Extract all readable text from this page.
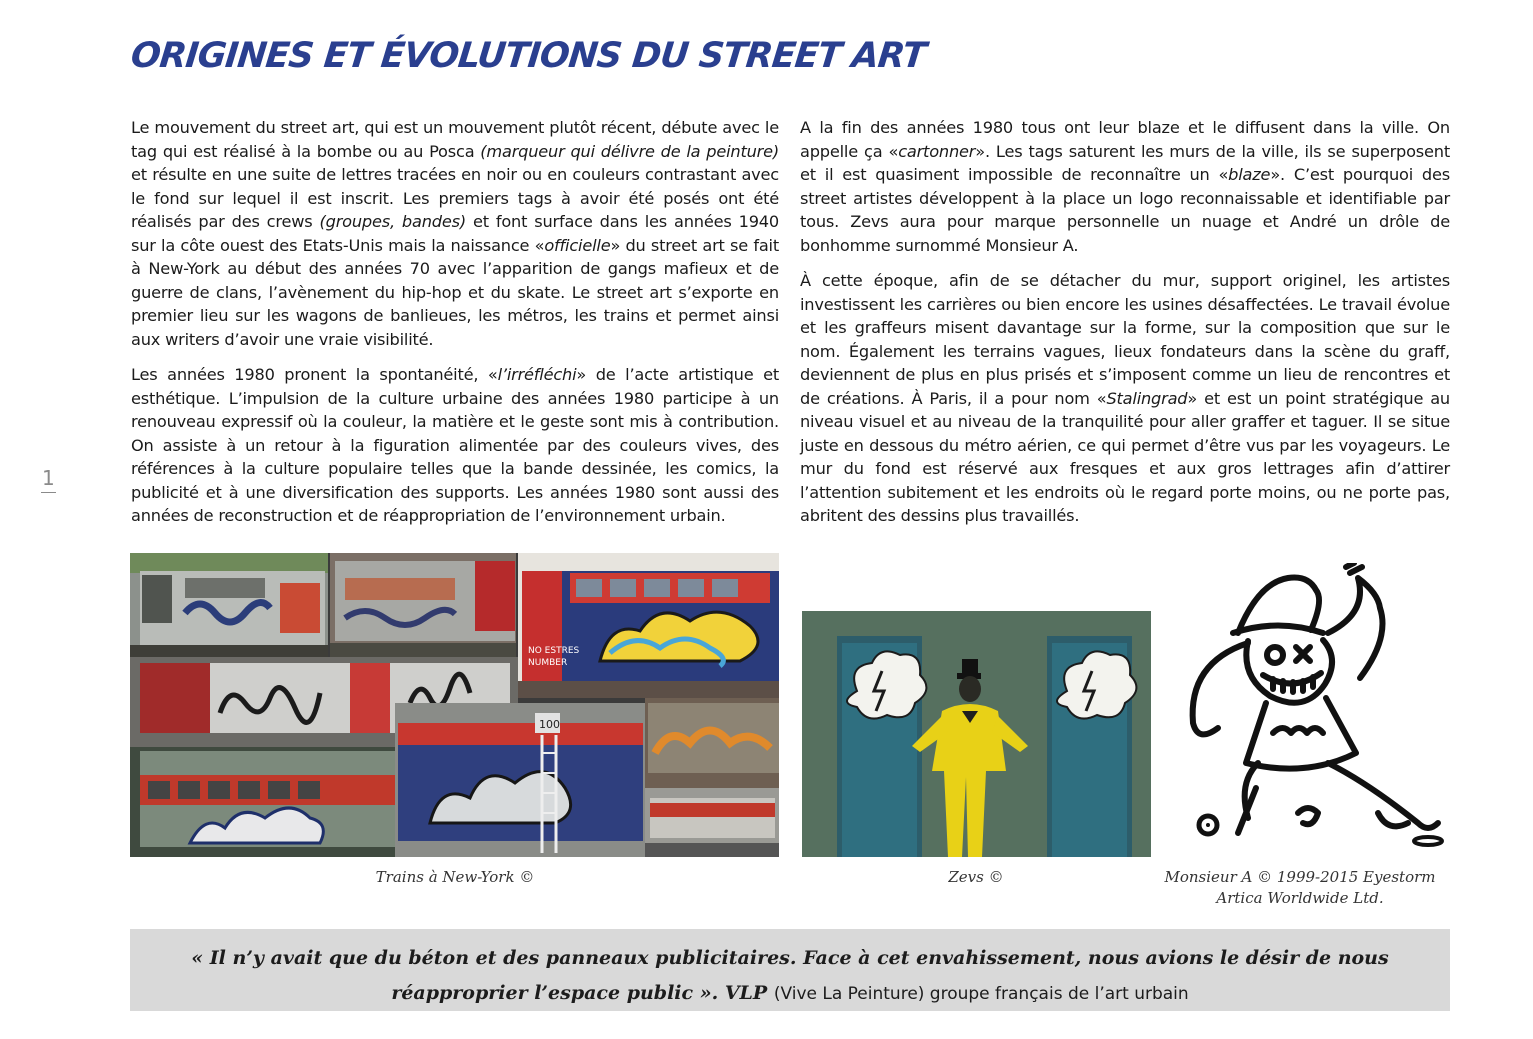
ORIGINES ET ÉVOLUTIONS DU STREET ART

Le mouvement du street art, qui est un mouvement plutôt récent, débute avec le tag qui est réalisé à la bombe ou au Posca (marqueur qui délivre de la peinture) et résulte en une suite de lettres tracées en noir ou en couleurs contrastant avec le fond sur lequel il est inscrit. Les premiers tags à avoir été posés ont été réalisés par des crews (groupes, bandes) et font surface dans les années 1940 sur la côte ouest des Etats-Unis mais la naissance «officielle» du street art se fait à New-York au début des années 70 avec l’apparition de gangs mafieux et de guerre de clans, l’avènement du hip-hop et du skate. Le street art s’exporte en premier lieu sur les wagons de banlieues, les métros, les trains et permet ainsi aux writers d’avoir une vraie visibilité.

Les années 1980 pronent la spontanéité, «l’irréfléchi» de l’acte artistique et esthétique. L’impulsion de la culture urbaine des années 1980 participe à un renouveau expressif où la couleur, la matière et le geste sont mis à contribution. On assiste à un retour à la figuration alimentée par des couleurs vives, des références à la culture populaire telles que la bande dessinée, les comics, la publicité et à une diversification des supports. Les années 1980 sont aussi des années de reconstruction et de réappropriation de l’environnement urbain.

A la fin des années 1980 tous ont leur blaze et le diffusent dans la ville. On appelle ça «cartonner». Les tags saturent les murs de la ville, ils se superposent et il est quasiment impossible de reconnaître un «blaze». C’est pourquoi des street artistes développent à la place un logo reconnaissable et identifiable par tous. Zevs aura pour marque personnelle un nuage et André un drôle de bonhomme surnommé Monsieur A.

À cette époque, afin de se détacher du mur, support originel, les artistes investissent les carrières ou bien encore les usines désaffectées. Le travail évolue et les graffeurs misent davantage sur la forme, sur la composition que sur le nom. Également les terrains vagues, lieux fondateurs dans la scène du graff, deviennent de plus en plus prisés et s’imposent comme un lieu de rencontres et de créations. À Paris, il a pour nom «Stalingrad» et est un point stratégique au niveau visuel et au niveau de la tranquilité pour aller graffer et taguer. Il se situe juste en dessous du métro aérien, ce qui permet d’être vus par les voyageurs. Le mur du fond est réservé aux fresques et aux gros lettrages afin d’attirer l’attention subitement et les endroits où le regard porte moins, ou ne porte pas, abritent des dessins plus travaillés.

1
NO ESTRES
NUMBER
100
Trains à New-York ©	Zevs ©	Monsieur A © 1999-2015 Eyestorm
Artica Worldwide Ltd.

« Il n’y avait que du béton et des panneaux publicitaires. Face à cet envahissement, nous avions le désir de nous réapproprier l’espace public ». VLP (Vive La Peinture) groupe français de l’art urbain
